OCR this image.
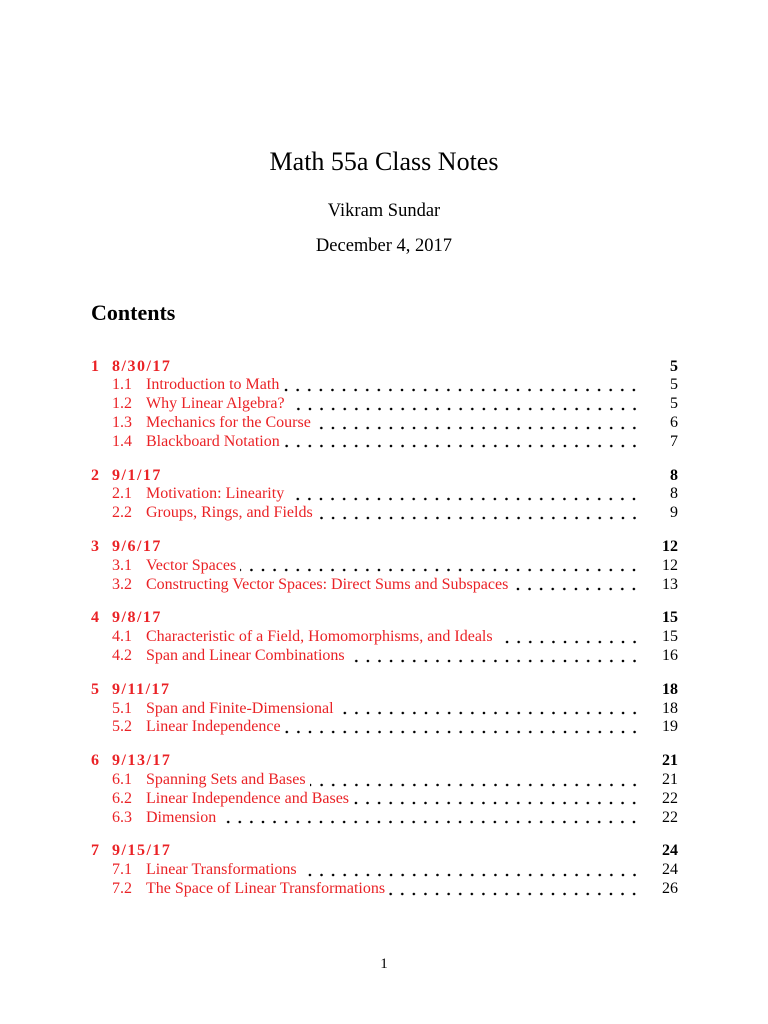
Math 55a Class Notes
Vikram Sundar
December 4, 2017
Contents
1 8/30/17	5
1.1 Introduction to Math	5
1.2 Why Linear Algebra?	5
1.3 Mechanics for the Course	6
1.4 Blackboard Notation	7
2 9/1/17	8
2.1 Motivation: Linearity	8
2.2 Groups, Rings, and Fields	9
3 9/6/17	12
3.1 Vector Spaces	12
3.2 Constructing Vector Spaces: Direct Sums and Subspaces	13
4 9/8/17	15
4.1 Characteristic of a Field, Homomorphisms, and Ideals	15
4.2 Span and Linear Combinations	16
5 9/11/17	18
5.1 Span and Finite-Dimensional	18
5.2 Linear Independence	19
6 9/13/17	21
6.1 Spanning Sets and Bases	21
6.2 Linear Independence and Bases	22
6.3 Dimension	22
7 9/15/17	24
7.1 Linear Transformations	24
7.2 The Space of Linear Transformations	26
1
